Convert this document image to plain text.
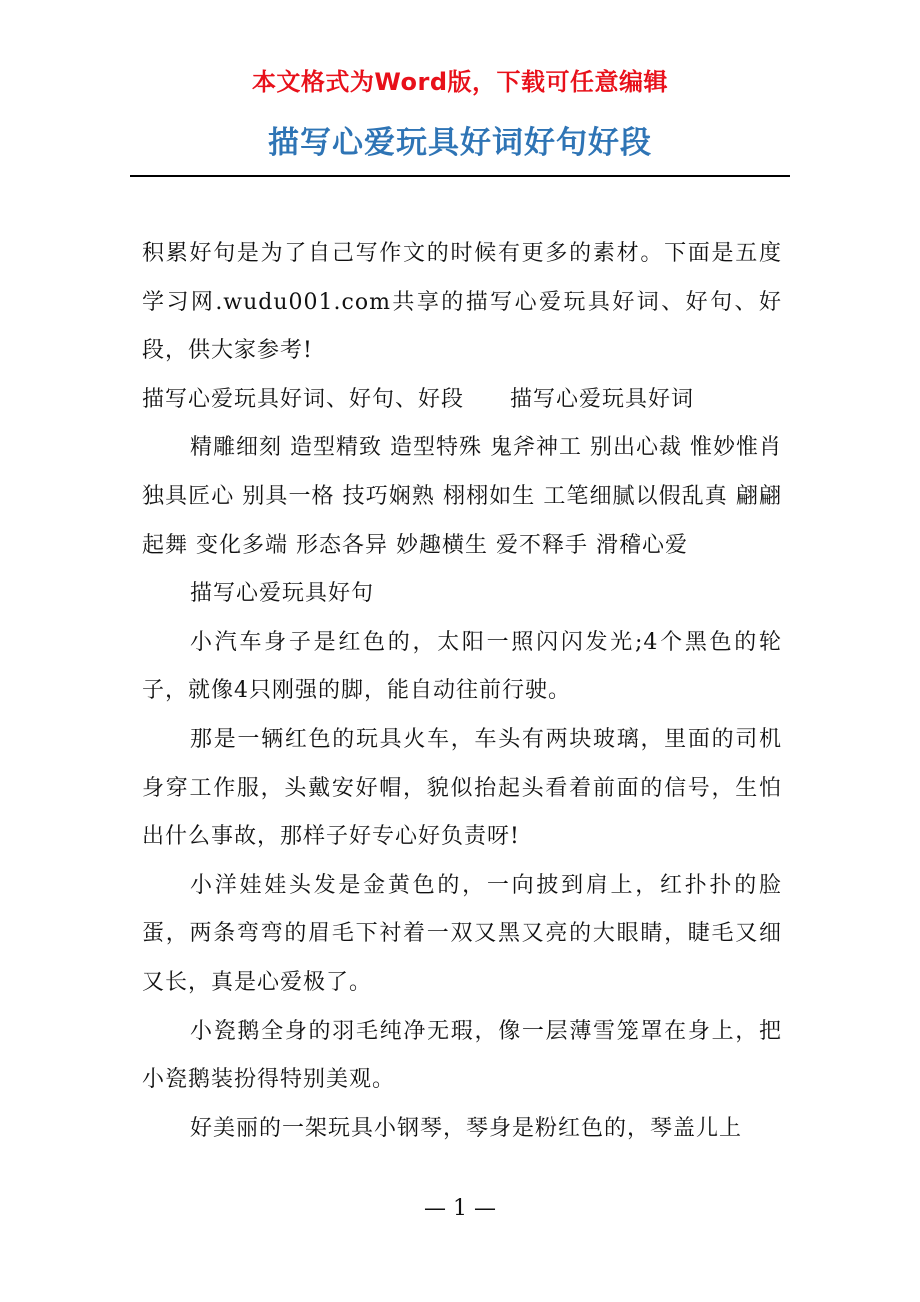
本文格式为Word版，下载可任意编辑
描写心爱玩具好词好句好段

积累好句是为了自己写作文的时候有更多的素材。下面是五度学习网.wudu001.com共享的描写心爱玩具好词、好句、好段，供大家参考!

描写心爱玩具好词、好句、好段　　描写心爱玩具好词

精雕细刻 造型精致 造型特殊 鬼斧神工 别出心裁 惟妙惟肖 独具匠心 别具一格 技巧娴熟 栩栩如生 工笔细腻以假乱真 翩翩起舞 变化多端 形态各异 妙趣横生 爱不释手 滑稽心爱

描写心爱玩具好句

小汽车身子是红色的，太阳一照闪闪发光;4个黑色的轮子，就像4只刚强的脚，能自动往前行驶。

那是一辆红色的玩具火车，车头有两块玻璃，里面的司机身穿工作服，头戴安好帽，貌似抬起头看着前面的信号，生怕出什么事故，那样子好专心好负责呀!

小洋娃娃头发是金黄色的，一向披到肩上，红扑扑的脸蛋，两条弯弯的眉毛下衬着一双又黑又亮的大眼睛，睫毛又细又长，真是心爱极了。

小瓷鹅全身的羽毛纯净无瑕，像一层薄雪笼罩在身上，把小瓷鹅装扮得特别美观。

好美丽的一架玩具小钢琴，琴身是粉红色的，琴盖儿上

— 1 —
